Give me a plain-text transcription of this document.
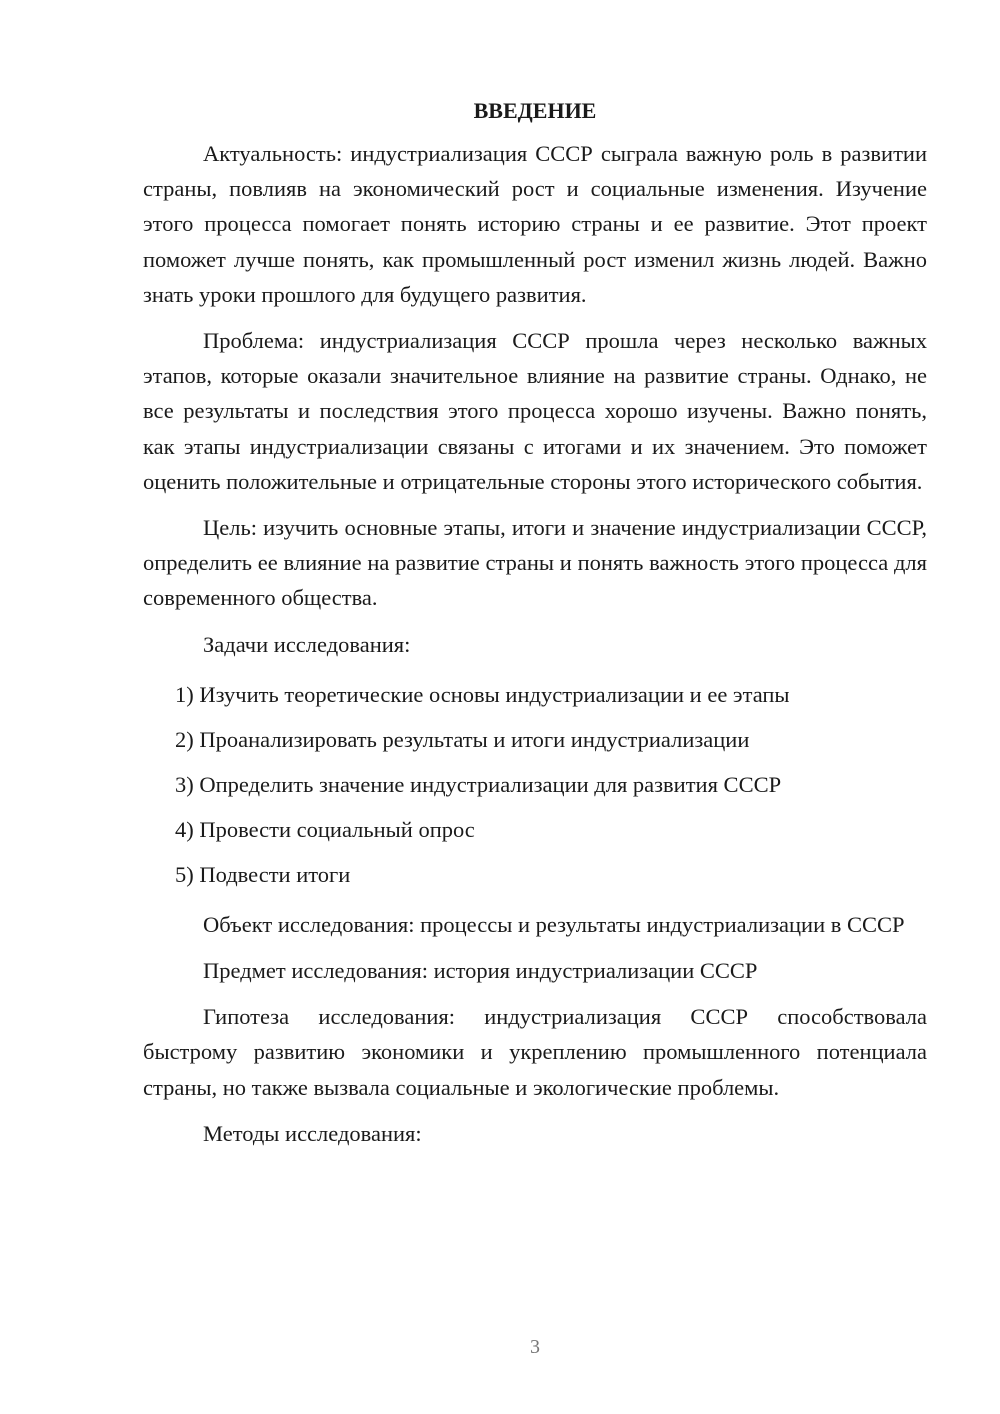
ВВЕДЕНИЕ

Актуальность: индустриализация СССР сыграла важную роль в развитии страны, повлияв на экономический рост и социальные изменения. Изучение этого процесса помогает понять историю страны и ее развитие. Этот проект поможет лучше понять, как промышленный рост изменил жизнь людей. Важно знать уроки прошлого для будущего развития.

Проблема: индустриализация СССР прошла через несколько важных этапов, которые оказали значительное влияние на развитие страны. Однако, не все результаты и последствия этого процесса хорошо изучены. Важно понять, как этапы индустриализации связаны с итогами и их значением. Это поможет оценить положительные и отрицательные стороны этого исторического события.

Цель: изучить основные этапы, итоги и значение индустриализации СССР, определить ее влияние на развитие страны и понять важность этого процесса для современного общества.

Задачи исследования:

1) Изучить теоретические основы индустриализации и ее этапы
2) Проанализировать результаты и итоги индустриализации
3) Определить значение индустриализации для развития СССР
4) Провести социальный опрос
5) Подвести итоги

Объект исследования: процессы и результаты индустриализации в СССР

Предмет исследования: история индустриализации СССР

Гипотеза исследования: индустриализация СССР способствовала быстрому развитию экономики и укреплению промышленного потенциала страны, но также вызвала социальные и экологические проблемы.

Методы исследования:

3
